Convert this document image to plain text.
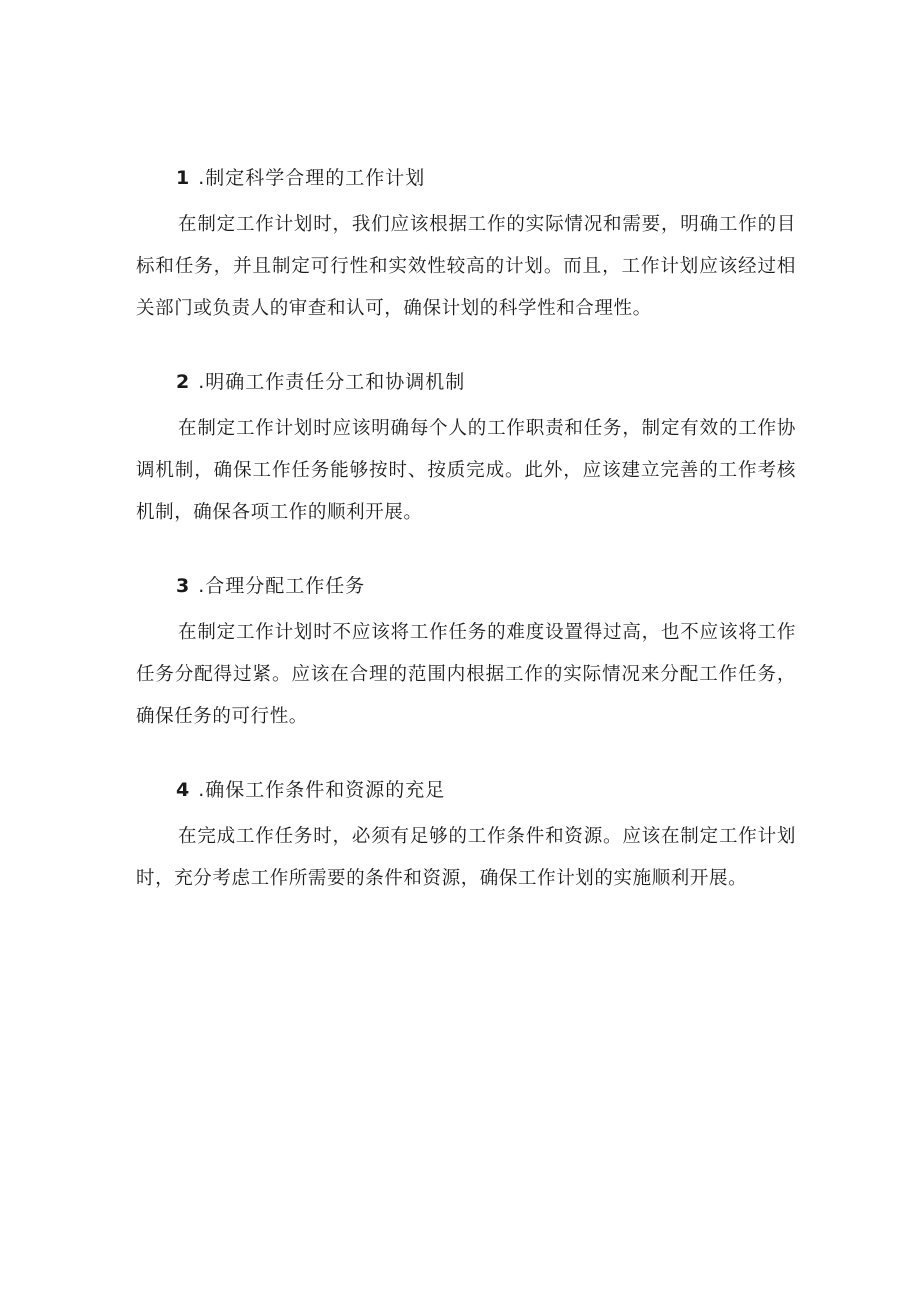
1 .制定科学合理的工作计划

在制定工作计划时，我们应该根据工作的实际情况和需要，明确工作的目标和任务，并且制定可行性和实效性较高的计划。而且，工作计划应该经过相关部门或负责人的审查和认可，确保计划的科学性和合理性。

2 .明确工作责任分工和协调机制

在制定工作计划时应该明确每个人的工作职责和任务，制定有效的工作协调机制，确保工作任务能够按时、按质完成。此外，应该建立完善的工作考核机制，确保各项工作的顺利开展。

3 .合理分配工作任务

在制定工作计划时不应该将工作任务的难度设置得过高，也不应该将工作任务分配得过紧。应该在合理的范围内根据工作的实际情况来分配工作任务，确保任务的可行性。

4 .确保工作条件和资源的充足

在完成工作任务时，必须有足够的工作条件和资源。应该在制定工作计划时，充分考虑工作所需要的条件和资源，确保工作计划的实施顺利开展。
